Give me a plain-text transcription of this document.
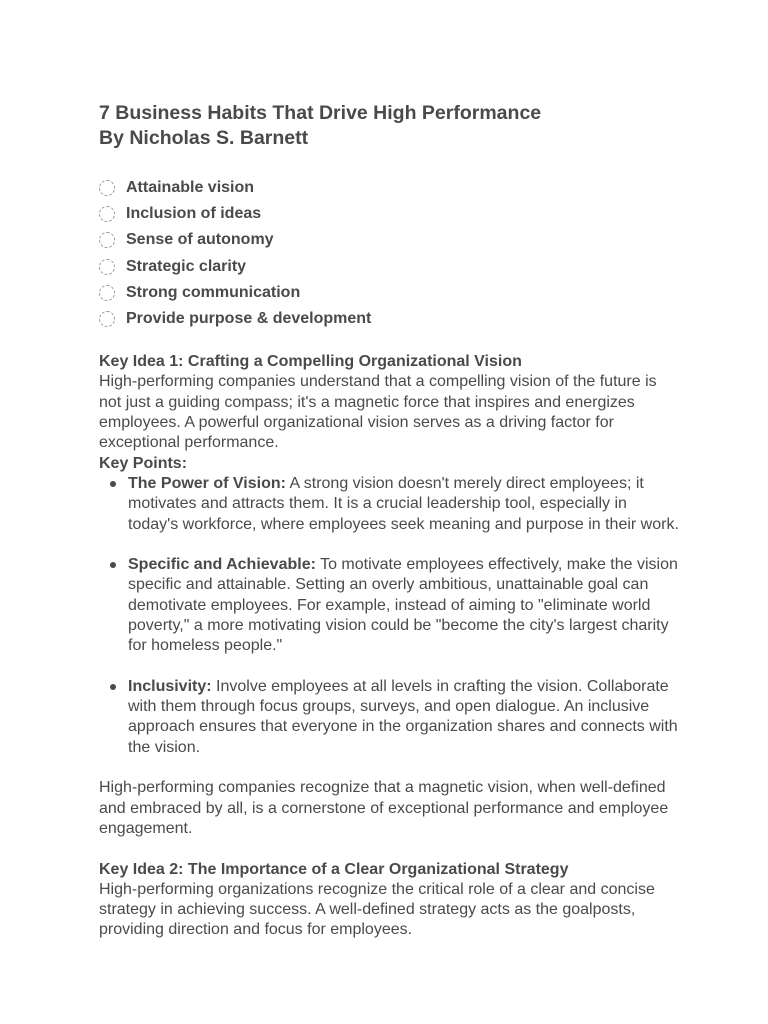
7 Business Habits That Drive High Performance
By Nicholas S. Barnett
Attainable vision
Inclusion of ideas
Sense of autonomy
Strategic clarity
Strong communication
Provide purpose & development

Key Idea 1: Crafting a Compelling Organizational Vision

High-performing companies understand that a compelling vision of the future is not just a guiding compass; it's a magnetic force that inspires and energizes employees. A powerful organizational vision serves as a driving factor for exceptional performance.

Key Points:

The Power of Vision: A strong vision doesn't merely direct employees; it motivates and attracts them. It is a crucial leadership tool, especially in today's workforce, where employees seek meaning and purpose in their work.
Specific and Achievable: To motivate employees effectively, make the vision specific and attainable. Setting an overly ambitious, unattainable goal can demotivate employees. For example, instead of aiming to "eliminate world poverty," a more motivating vision could be "become the city's largest charity for homeless people."
Inclusivity: Involve employees at all levels in crafting the vision. Collaborate with them through focus groups, surveys, and open dialogue. An inclusive approach ensures that everyone in the organization shares and connects with the vision.

High-performing companies recognize that a magnetic vision, when well-defined and embraced by all, is a cornerstone of exceptional performance and employee engagement.

Key Idea 2: The Importance of a Clear Organizational Strategy

High-performing organizations recognize the critical role of a clear and concise strategy in achieving success. A well-defined strategy acts as the goalposts, providing direction and focus for employees.
